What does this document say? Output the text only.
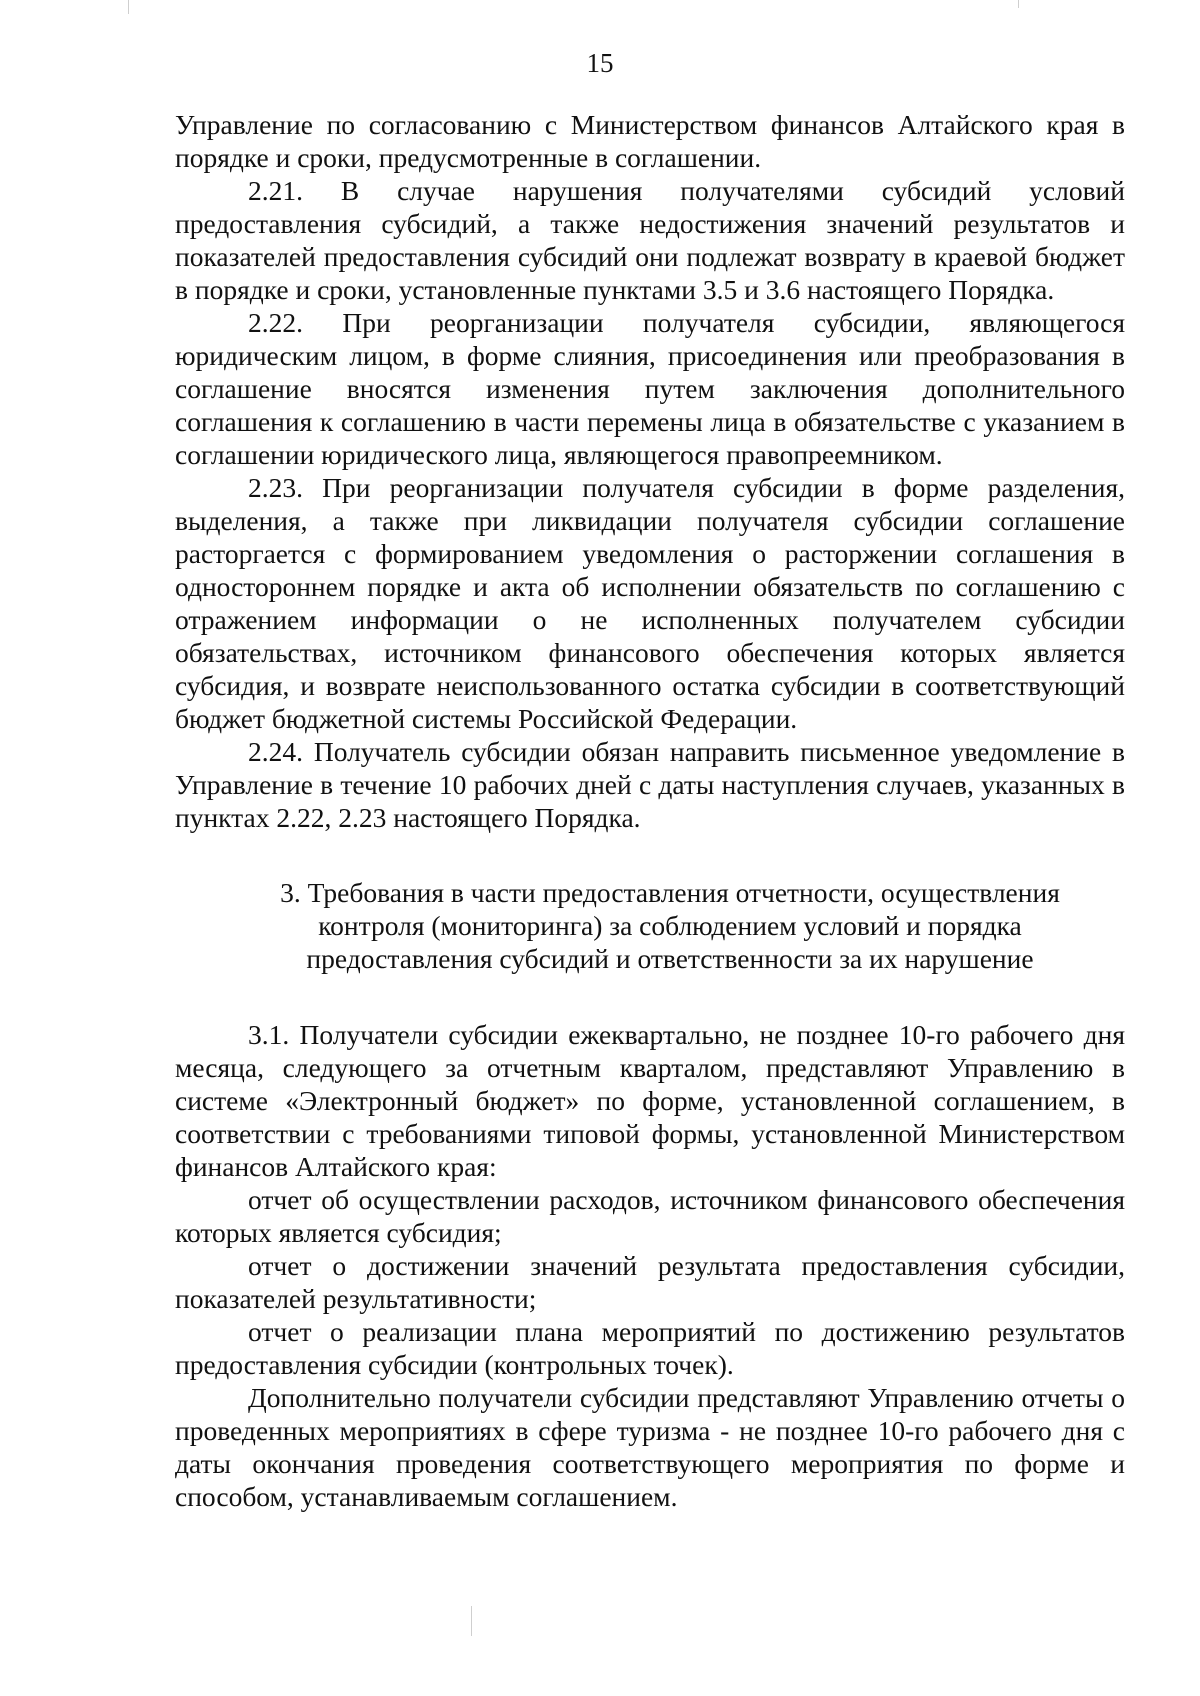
15

Управление по согласованию с Министерством финансов Алтайского края в порядке и сроки, предусмотренные в соглашении.

2.21. В случае нарушения получателями субсидий условий предоставления субсидий, а также недостижения значений результатов и показателей предоставления субсидий они подлежат возврату в краевой бюджет в порядке и сроки, установленные пунктами 3.5 и 3.6 настоящего Порядка.

2.22. При реорганизации получателя субсидии, являющегося юридическим лицом, в форме слияния, присоединения или преобразования в соглашение вносятся изменения путем заключения дополнительного соглашения к соглашению в части перемены лица в обязательстве с указанием в соглашении юридического лица, являющегося правопреемником.

2.23. При реорганизации получателя субсидии в форме разделения, выделения, а также при ликвидации получателя субсидии соглашение расторгается с формированием уведомления о расторжении соглашения в одностороннем порядке и акта об исполнении обязательств по соглашению с отражением информации о не исполненных получателем субсидии обязательствах, источником финансового обеспечения которых является субсидия, и возврате неиспользованного остатка субсидии в соответствующий бюджет бюджетной системы Российской Федерации.

2.24. Получатель субсидии обязан направить письменное уведомление в Управление в течение 10 рабочих дней с даты наступления случаев, указанных в пунктах 2.22, 2.23 настоящего Порядка.

3. Требования в части предоставления отчетности, осуществления
контроля (мониторинга) за соблюдением условий и порядка
предоставления субсидий и ответственности за их нарушение

3.1. Получатели субсидии ежеквартально, не позднее 10-го рабочего дня месяца, следующего за отчетным кварталом, представляют Управлению в системе «Электронный бюджет» по форме, установленной соглашением, в соответствии с требованиями типовой формы, установленной Министерством финансов Алтайского края:

отчет об осуществлении расходов, источником финансового обеспечения которых является субсидия;

отчет о достижении значений результата предоставления субсидии, показателей результативности;

отчет о реализации плана мероприятий по достижению результатов предоставления субсидии (контрольных точек).

Дополнительно получатели субсидии представляют Управлению отчеты о проведенных мероприятиях в сфере туризма - не позднее 10-го рабочего дня с даты окончания проведения соответствующего мероприятия по форме и способом, устанавливаемым соглашением.
